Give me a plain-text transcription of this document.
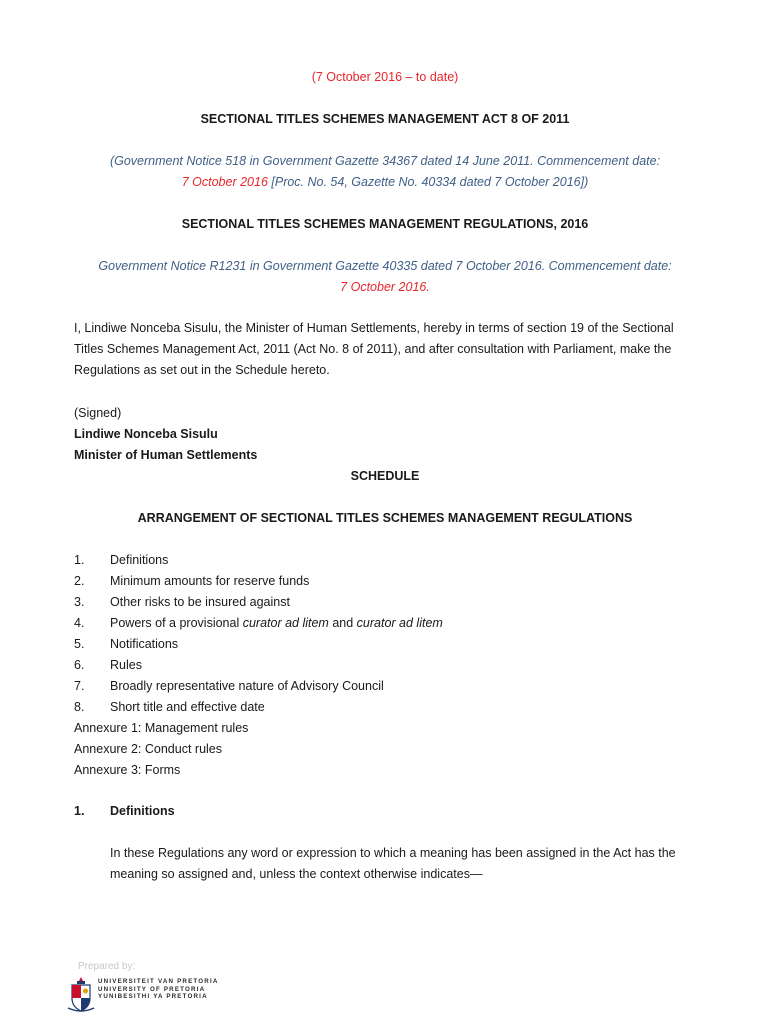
(7 October 2016 – to date)
SECTIONAL TITLES SCHEMES MANAGEMENT ACT 8 OF 2011
(Government Notice 518 in Government Gazette 34367 dated 14 June 2011. Commencement date:
7 October 2016 [Proc. No. 54, Gazette No. 40334 dated 7 October 2016])
SECTIONAL TITLES SCHEMES MANAGEMENT REGULATIONS, 2016
Government Notice R1231 in Government Gazette 40335 dated 7 October 2016. Commencement date:
7 October 2016.
I, Lindiwe Nonceba Sisulu, the Minister of Human Settlements, hereby in terms of section 19 of the Sectional Titles Schemes Management Act, 2011 (Act No. 8 of 2011), and after consultation with Parliament, make the Regulations as set out in the Schedule hereto.
(Signed)
Lindiwe Nonceba Sisulu
Minister of Human Settlements
SCHEDULE
ARRANGEMENT OF SECTIONAL TITLES SCHEMES MANAGEMENT REGULATIONS
1. Definitions
2. Minimum amounts for reserve funds
3. Other risks to be insured against
4. Powers of a provisional curator ad litem and curator ad litem
5. Notifications
6. Rules
7. Broadly representative nature of Advisory Council
8. Short title and effective date
Annexure 1: Management rules
Annexure 2: Conduct rules
Annexure 3: Forms
1. Definitions
In these Regulations any word or expression to which a meaning has been assigned in the Act has the meaning so assigned and, unless the context otherwise indicates—
Prepared by:
UNIVERSITEIT VAN PRETORIA
UNIVERSITY OF PRETORIA
YUNIBESITHI YA PRETORIA
